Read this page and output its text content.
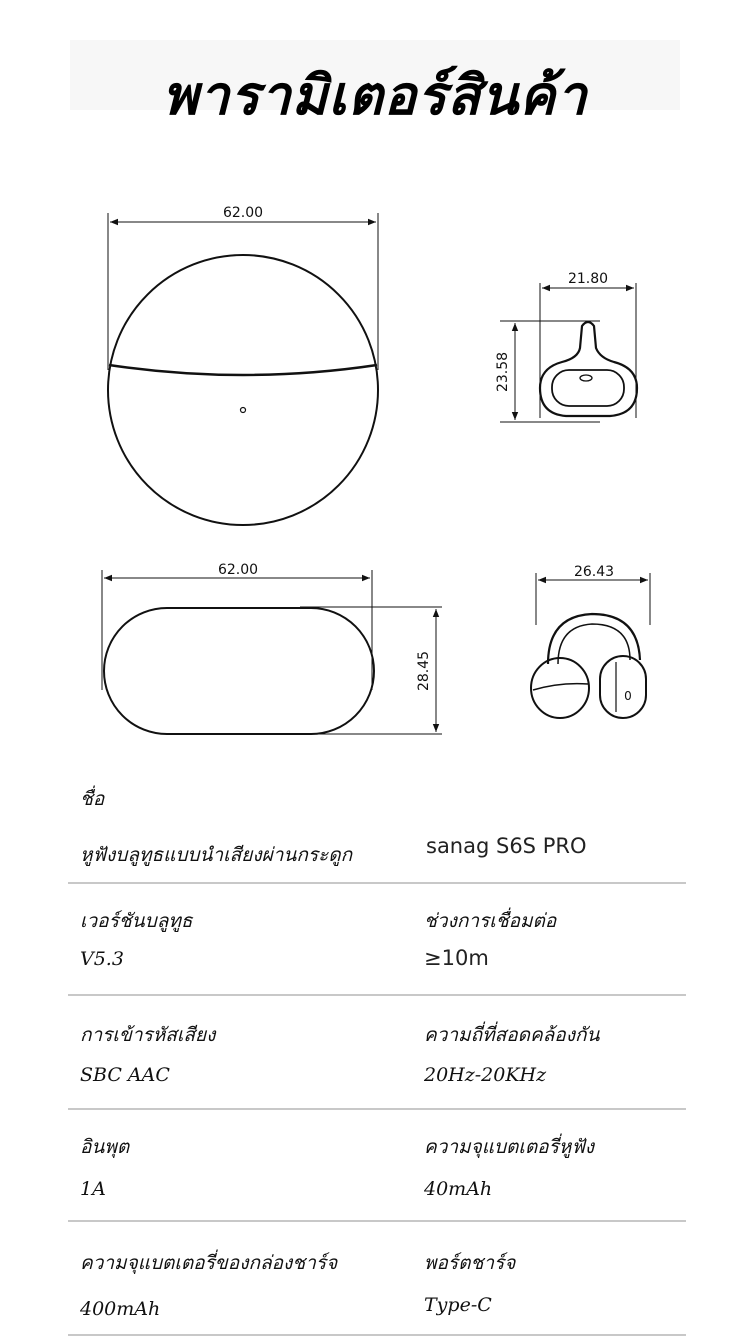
พารามิเตอร์สินค้า
62.00
21.80
23.58
62.00
28.45
26.43
0
ชื่อ
หูฟังบลูทูธแบบนำเสียงผ่านกระดูก	sanag S6S PRO
เวอร์ชันบลูทูธ
V5.3
ช่วงการเชื่อมต่อ
≥10m
การเข้ารหัสเสียง
SBC AAC
ความถี่ที่สอดคล้องกัน
20Hz-20KHz
อินพุต
1A
ความจุแบตเตอรี่หูฟัง
40mAh
ความจุแบตเตอรี่ของกล่องชาร์จ
400mAh
พอร์ตชาร์จ
Type-C
